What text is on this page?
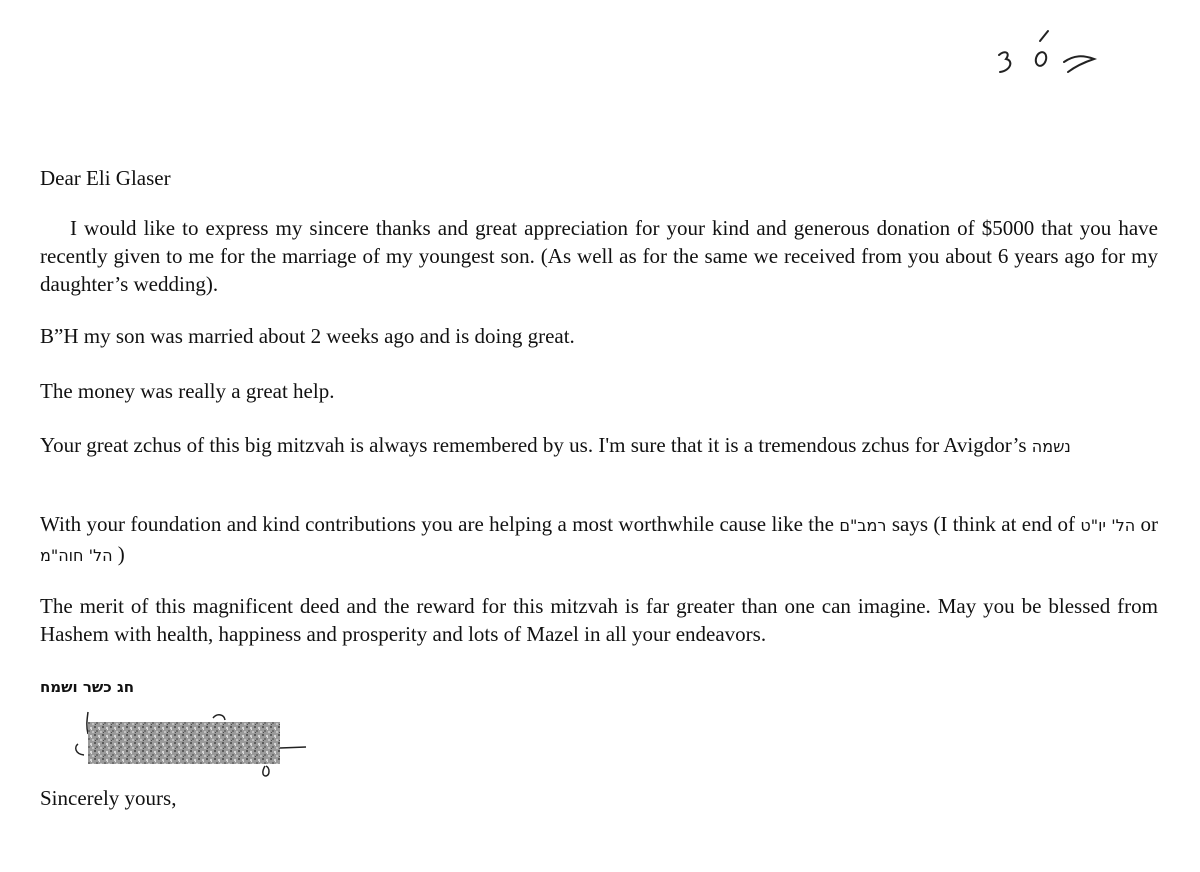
Dear Eli Glaser
I would like to express my sincere thanks and great appreciation for your kind and generous donation of $5000 that you have recently given to me for the marriage of my youngest son. (As well as for the same we received from you about 6 years ago for my daughter’s wedding).
B”H my son was married about 2 weeks ago and is doing great.
The money was really a great help.
Your great zchus of this big mitzvah is always remembered by us. I'm sure that it is a tremendous zchus for Avigdor’s נשמה
With your foundation and kind contributions you are helping a most worthwhile cause like the רמב"ם says (I think at end of הל' יו"ט or הל' חוה"מ )
The merit of this magnificent deed and the reward for this mitzvah is far greater than one can imagine. May you be blessed from Hashem with health, happiness and prosperity and lots of Mazel in all your endeavors.
חג כשר ושמח
Sincerely yours,
